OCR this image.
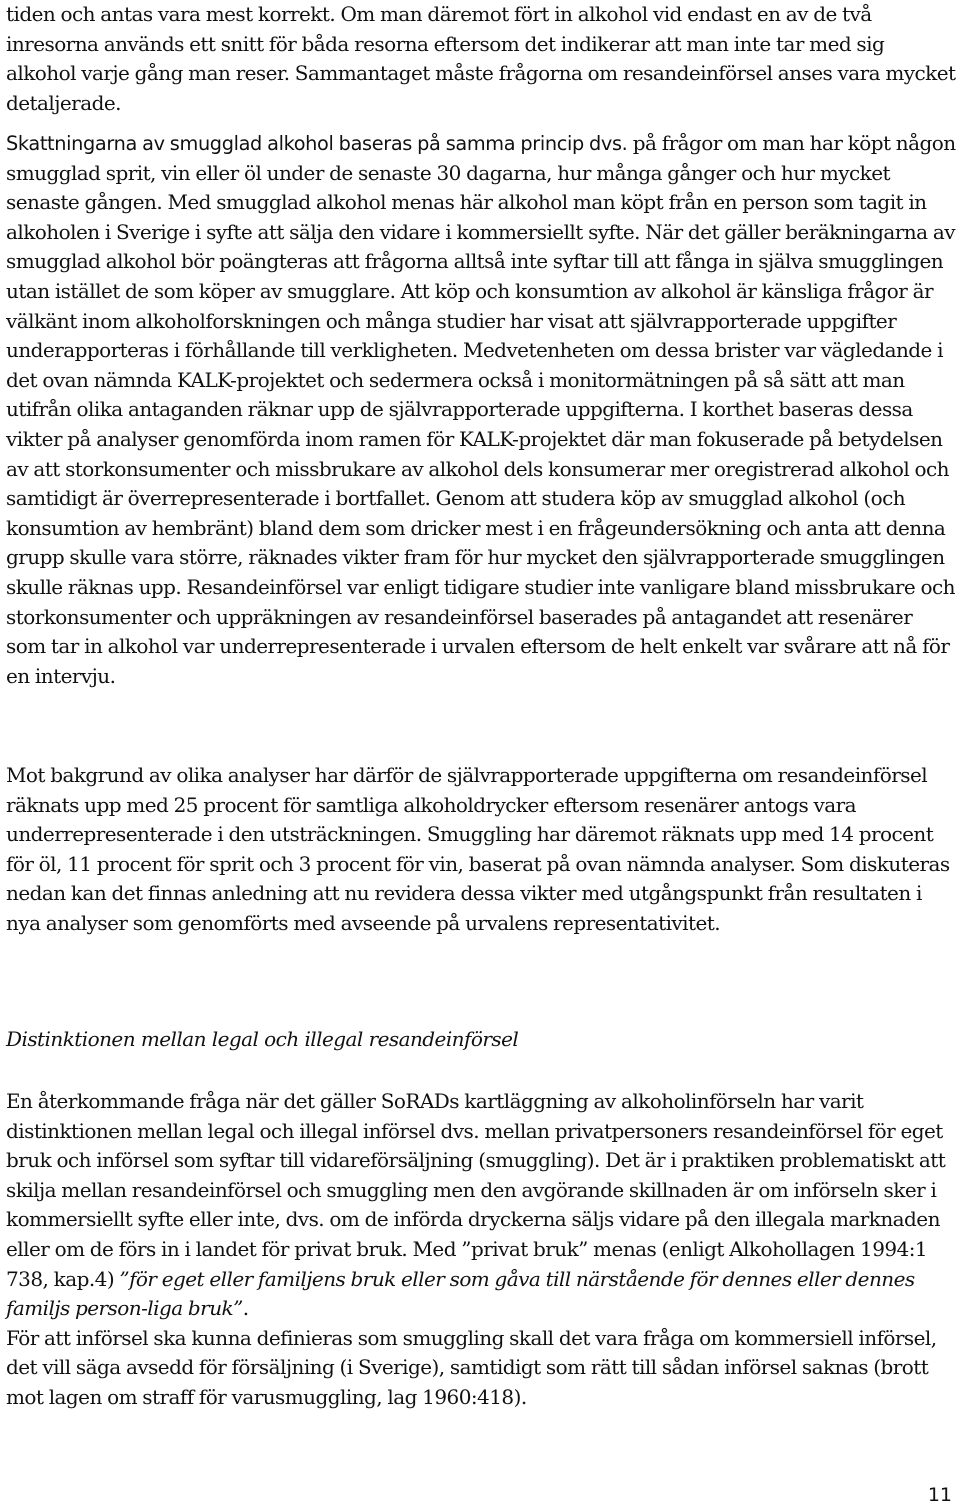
tiden och antas vara mest korrekt. Om man däremot fört in alkohol vid endast en av de två inresorna används ett snitt för båda resorna eftersom det indikerar att man inte tar med sig alkohol varje gång man reser. Sammantaget måste frågorna om resandeinförsel anses vara mycket detaljerade.

Skattningarna av smugglad alkohol baseras på samma princip dvs. på frågor om man har köpt någon smugglad sprit, vin eller öl under de senaste 30 dagarna, hur många gånger och hur mycket senaste gången. Med smugglad alkohol menas här alkohol man köpt från en person som tagit in alkoholen i Sverige i syfte att sälja den vidare i kommersiellt syfte. När det gäller beräkningarna av smugglad alkohol bör poängteras att frågorna alltså inte syftar till att fånga in själva smugglingen utan istället de som köper av smugglare. Att köp och konsumtion av alkohol är känsliga frågor är välkänt inom alkoholforskningen och många studier har visat att självrapporterade uppgifter underapporteras i förhållande till verkligheten. Medvetenheten om dessa brister var vägledande i det ovan nämnda KALK-projektet och sedermera också i monitormätningen på så sätt att man utifrån olika antaganden räknar upp de självrapporterade uppgifterna. I korthet baseras dessa vikter på analyser genomförda inom ramen för KALK-projektet där man fokuserade på betydelsen av att storkonsumenter och missbrukare av alkohol dels konsumerar mer oregistrerad alkohol och samtidigt är överrepresenterade i bortfallet. Genom att studera köp av smugglad alkohol (och konsumtion av hembränt) bland dem som dricker mest i en frågeundersökning och anta att denna grupp skulle vara större, räknades vikter fram för hur mycket den självrapporterade smugglingen skulle räknas upp. Resandeinförsel var enligt tidigare studier inte vanligare bland missbrukare och storkonsumenter och uppräkningen av resandeinförsel baserades på antagandet att resenärer som tar in alkohol var underrepresenterade i urvalen eftersom de helt enkelt var svårare att nå för en intervju.

Mot bakgrund av olika analyser har därför de självrapporterade uppgifterna om resandeinförsel räknats upp med 25 procent för samtliga alkoholdrycker eftersom resenärer antogs vara underrepresenterade i den utsträckningen. Smuggling har däremot räknats upp med 14 procent för öl, 11 procent för sprit och 3 procent för vin, baserat på ovan nämnda analyser. Som diskuteras nedan kan det finnas anledning att nu revidera dessa vikter med utgångspunkt från resultaten i nya analyser som genomförts med avseende på urvalens representativitet.

Distinktionen mellan legal och illegal resandeinförsel

En återkommande fråga när det gäller SoRADs kartläggning av alkoholinförseln har varit distinktionen mellan legal och illegal införsel dvs. mellan privatpersoners resandeinförsel för eget bruk och införsel som syftar till vidareförsäljning (smuggling). Det är i praktiken problematiskt att skilja mellan resandeinförsel och smuggling men den avgörande skillnaden är om införseln sker i kommersiellt syfte eller inte, dvs. om de införda dryckerna säljs vidare på den illegala marknaden eller om de förs in i landet för privat bruk. Med ”privat bruk” menas (enligt Alkohollagen 1994:1 738, kap.4) ”för eget eller familjens bruk eller som gåva till närstående för dennes eller dennes familjs person-liga bruk”.
För att införsel ska kunna definieras som smuggling skall det vara fråga om kommersiell införsel, det vill säga avsedd för försäljning (i Sverige), samtidigt som rätt till sådan införsel saknas (brott mot lagen om straff för varusmuggling, lag 1960:418).

11
